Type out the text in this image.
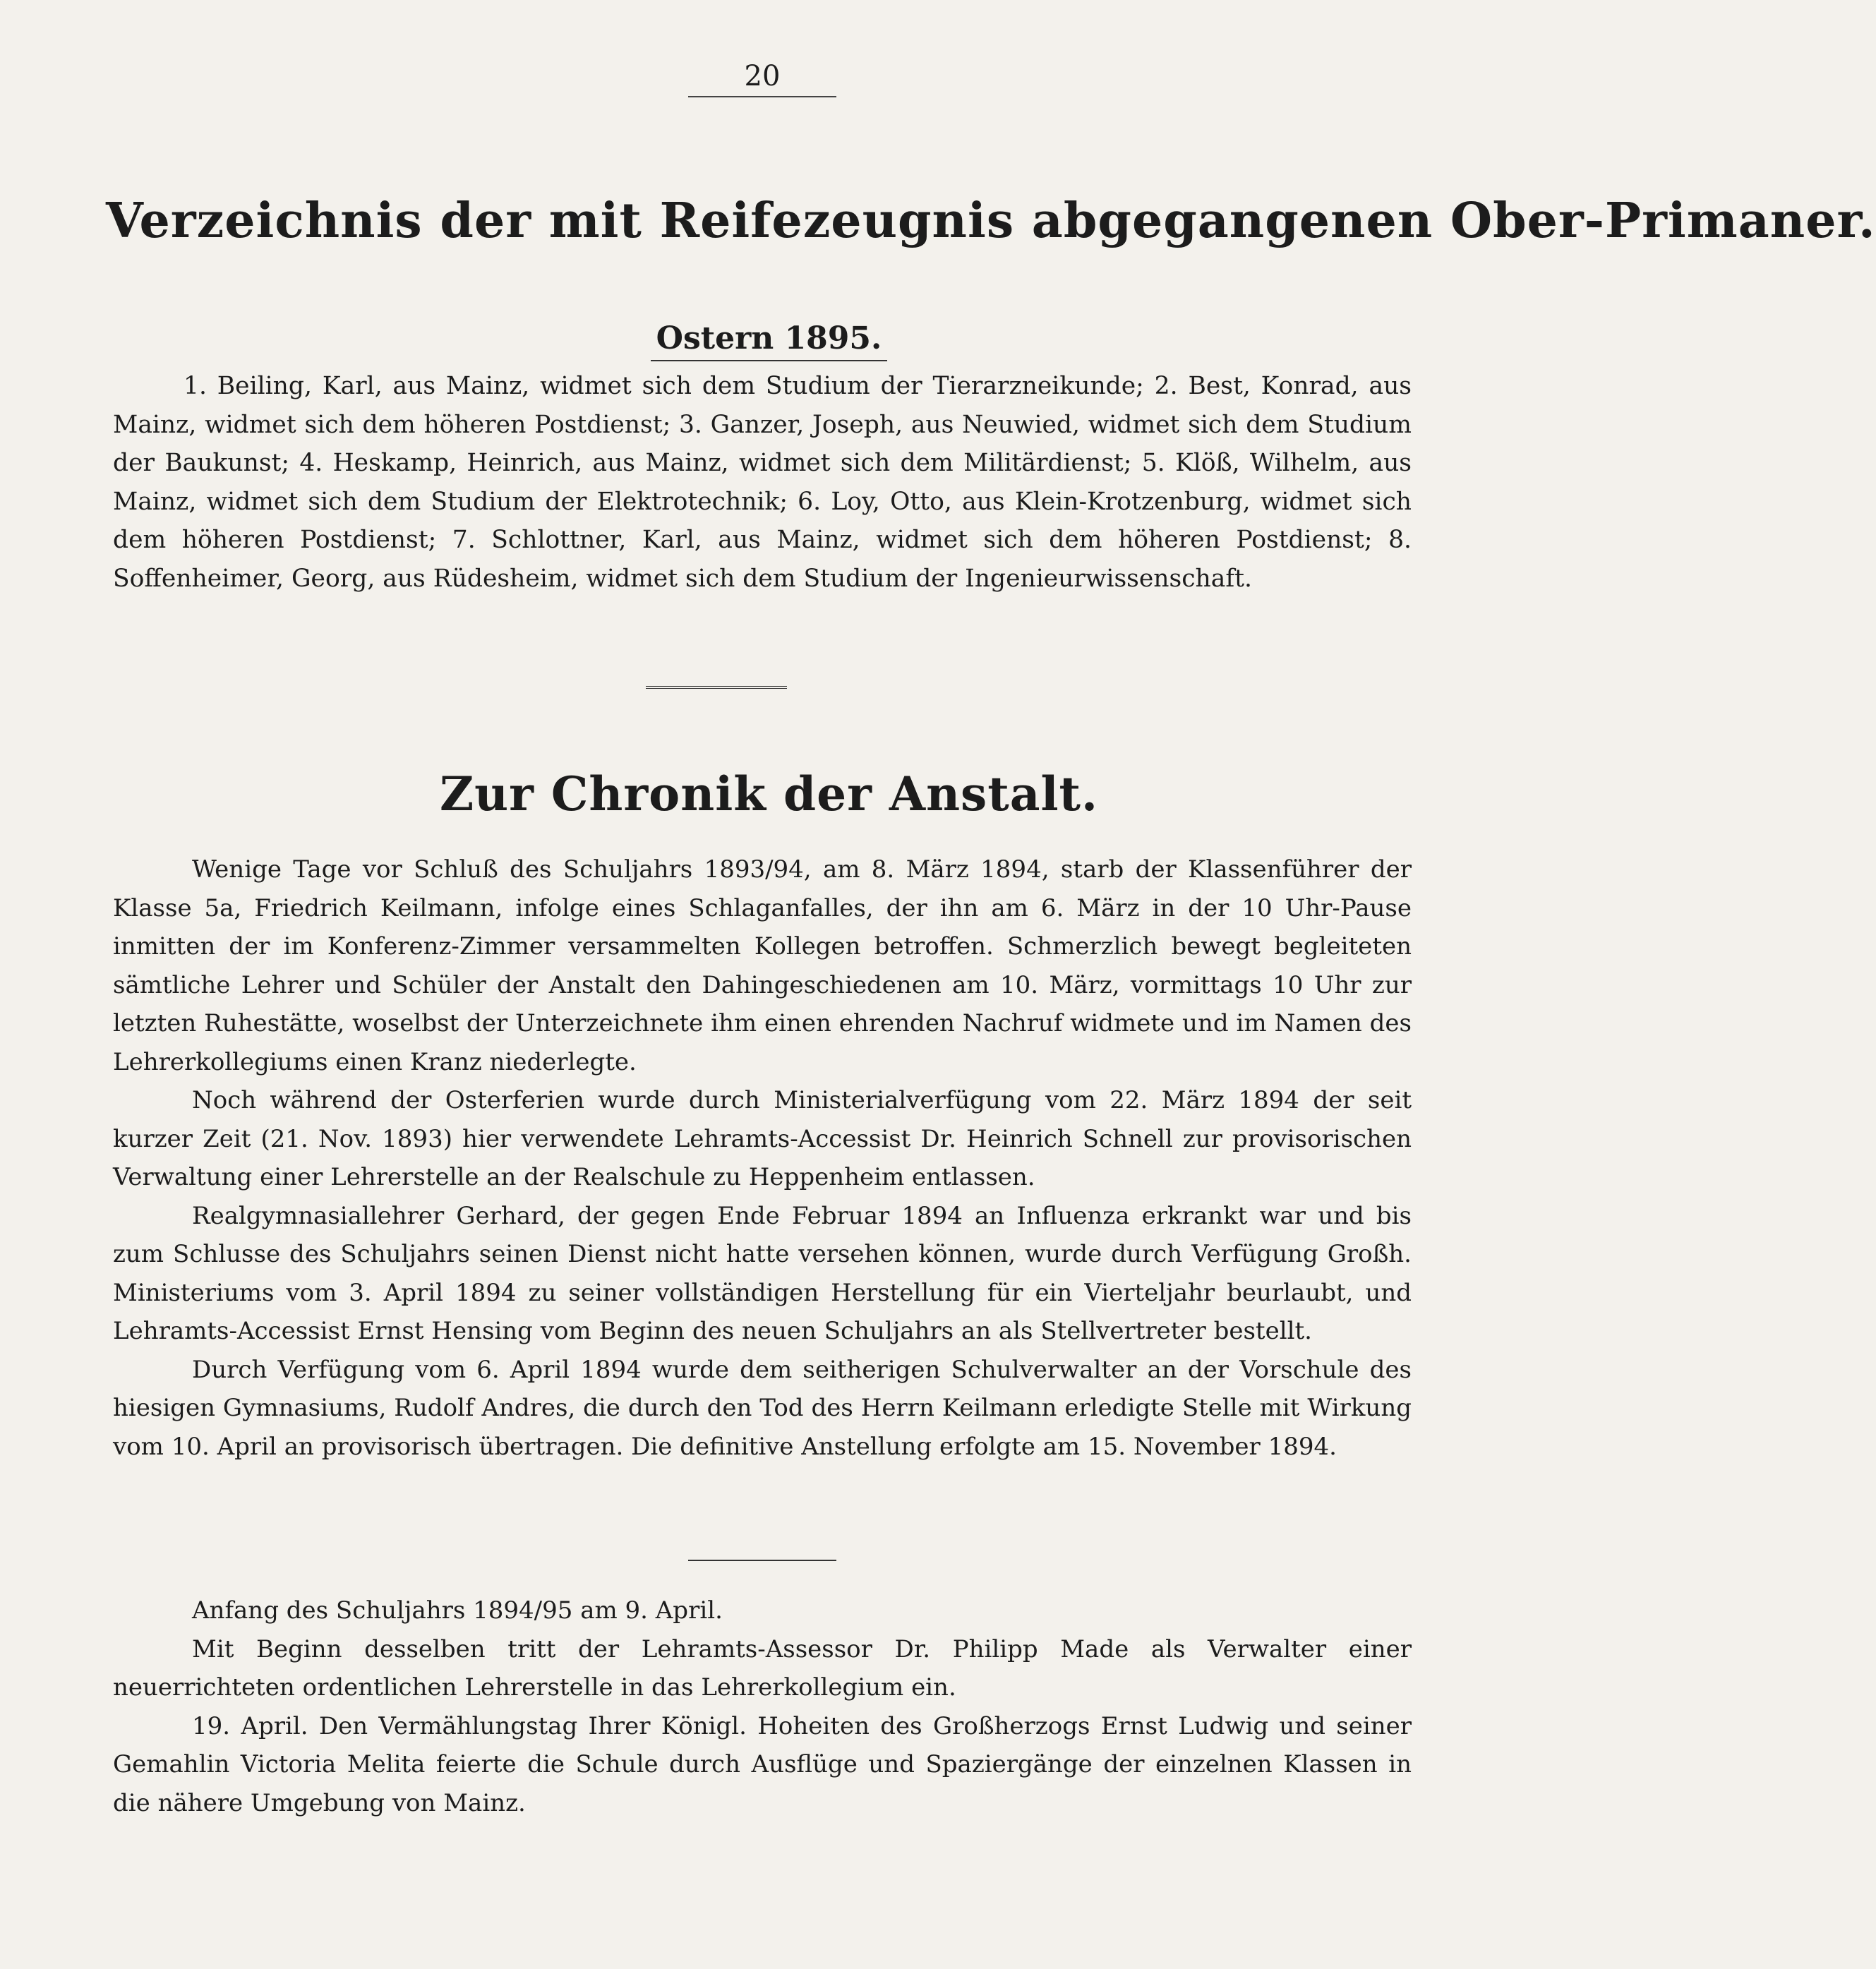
20
Verzeichnis der mit Reifezeugnis abgegangenen Ober-Primaner.
Ostern 1895.

1. Beiling, Karl, aus Mainz, widmet sich dem Studium der Tierarzneikunde; 2. Best, Konrad, aus Mainz, widmet sich dem höheren Postdienst; 3. Ganzer, Joseph, aus Neuwied, widmet sich dem Studium der Baukunst; 4. Heskamp, Heinrich, aus Mainz, widmet sich dem Militärdienst; 5. Klöß, Wilhelm, aus Mainz, widmet sich dem Studium der Elektrotechnik; 6. Loy, Otto, aus Klein-Krotzenburg, widmet sich dem höheren Postdienst; 7. Schlottner, Karl, aus Mainz, widmet sich dem höheren Postdienst; 8. Soffenheimer, Georg, aus Rüdesheim, widmet sich dem Studium der Ingenieurwissenschaft.

Zur Chronik der Anstalt.

Wenige Tage vor Schluß des Schuljahrs 1893/94, am 8. März 1894, starb der Klassenführer der Klasse 5a, Friedrich Keilmann, infolge eines Schlaganfalles, der ihn am 6. März in der 10 Uhr-Pause inmitten der im Konferenz-Zimmer versammelten Kollegen betroffen. Schmerzlich bewegt begleiteten sämtliche Lehrer und Schüler der Anstalt den Dahingeschiedenen am 10. März, vormittags 10 Uhr zur letzten Ruhestätte, woselbst der Unterzeichnete ihm einen ehrenden Nachruf widmete und im Namen des Lehrerkollegiums einen Kranz niederlegte.

Noch während der Osterferien wurde durch Ministerialverfügung vom 22. März 1894 der seit kurzer Zeit (21. Nov. 1893) hier verwendete Lehramts-Accessist Dr. Heinrich Schnell zur provisorischen Verwaltung einer Lehrerstelle an der Realschule zu Heppenheim entlassen.

Realgymnasiallehrer Gerhard, der gegen Ende Februar 1894 an Influenza erkrankt war und bis zum Schlusse des Schuljahrs seinen Dienst nicht hatte versehen können, wurde durch Verfügung Großh. Ministeriums vom 3. April 1894 zu seiner vollständigen Herstellung für ein Vierteljahr beurlaubt, und Lehramts-Accessist Ernst Hensing vom Beginn des neuen Schuljahrs an als Stellvertreter bestellt.

Durch Verfügung vom 6. April 1894 wurde dem seitherigen Schulverwalter an der Vorschule des hiesigen Gymnasiums, Rudolf Andres, die durch den Tod des Herrn Keilmann erledigte Stelle mit Wirkung vom 10. April an provisorisch übertragen. Die definitive Anstellung erfolgte am 15. November 1894.

Anfang des Schuljahrs 1894/95 am 9. April.

Mit Beginn desselben tritt der Lehramts-Assessor Dr. Philipp Made als Verwalter einer neuerrichteten ordentlichen Lehrerstelle in das Lehrerkollegium ein.

19. April. Den Vermählungstag Ihrer Königl. Hoheiten des Großherzogs Ernst Ludwig und seiner Gemahlin Victoria Melita feierte die Schule durch Ausflüge und Spaziergänge der einzelnen Klassen in die nähere Umgebung von Mainz.
